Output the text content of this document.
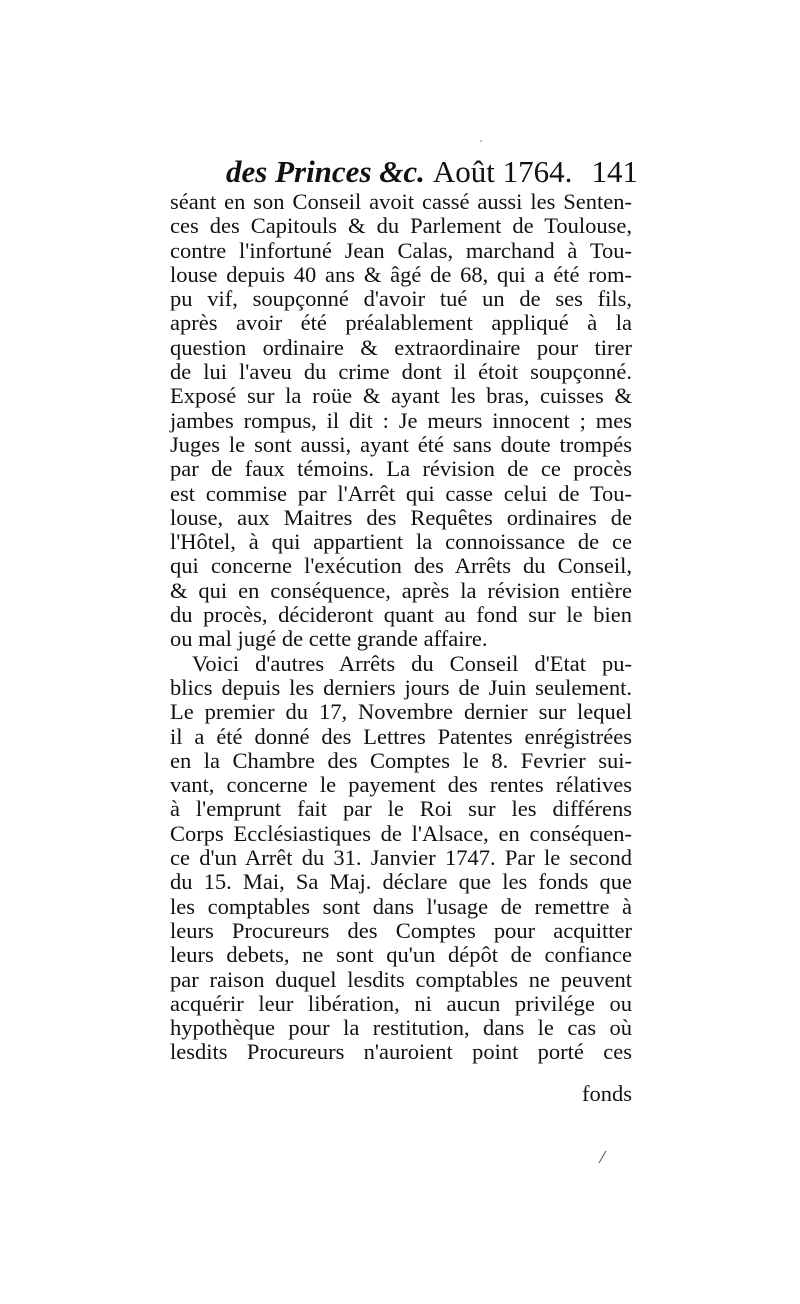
des Princes &c. Août 1764. 141
séant en son Conseil avoit cassé aussi les Senten-
ces des Capitouls & du Parlement de Toulouse,
contre l'infortuné Jean Calas, marchand à Tou-
louse depuis 40 ans & âgé de 68, qui a été rom-
pu vif, soupçonné d'avoir tué un de ses fils,
après avoir été préalablement appliqué à la
question ordinaire & extraordinaire pour tirer
de lui l'aveu du crime dont il étoit soupçonné.
Exposé sur la roüe & ayant les bras, cuisses &
jambes rompus, il dit : Je meurs innocent ; mes
Juges le sont aussi, ayant été sans doute trompés
par de faux témoins. La révision de ce procès
est commise par l'Arrêt qui casse celui de Tou-
louse, aux Maitres des Requêtes ordinaires de
l'Hôtel, à qui appartient la connoissance de ce
qui concerne l'exécution des Arrêts du Conseil,
& qui en conséquence, après la révision entière
du procès, décideront quant au fond sur le bien
ou mal jugé de cette grande affaire.
Voici d'autres Arrêts du Conseil d'Etat pu-
blics depuis les derniers jours de Juin seulement.
Le premier du 17, Novembre dernier sur lequel
il a été donné des Lettres Patentes enrégistrées
en la Chambre des Comptes le 8. Fevrier sui-
vant, concerne le payement des rentes rélatives
à l'emprunt fait par le Roi sur les différens
Corps Ecclésiastiques de l'Alsace, en conséquen-
ce d'un Arrêt du 31. Janvier 1747. Par le second
du 15. Mai, Sa Maj. déclare que les fonds que
les comptables sont dans l'usage de remettre à
leurs Procureurs des Comptes pour acquitter
leurs debets, ne sont qu'un dépôt de confiance
par raison duquel lesdits comptables ne peuvent
acquérir leur libération, ni aucun privilége ou
hypothèque pour la restitution, dans le cas où
lesdits Procureurs n'auroient point porté ces
fonds
